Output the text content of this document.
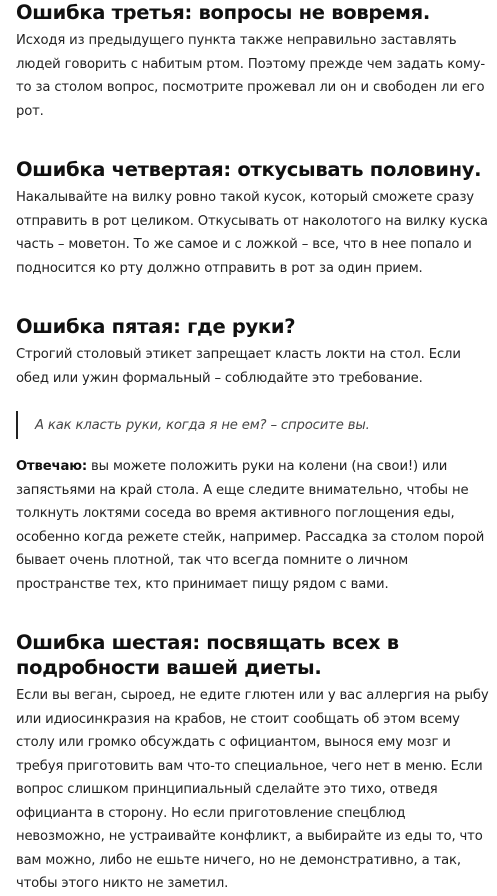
Ошибка третья: вопросы не вовремя.

Исходя из предыдущего пункта также неправильно заставлять людей говорить с набитым ртом. Поэтому прежде чем задать кому-то за столом вопрос, посмотрите прожевал ли он и свободен ли его рот.

Ошибка четвертая: откусывать половину.

Накалывайте на вилку ровно такой кусок, который сможете сразу отправить в рот целиком. Откусывать от наколотого на вилку куска часть – моветон. То же самое и с ложкой – все, что в нее попало и подносится ко рту должно отправить в рот за один прием.

Ошибка пятая: где руки?

Строгий столовый этикет запрещает класть локти на стол. Если обед или ужин формальный – соблюдайте это требование.

А как класть руки, когда я не ем? – спросите вы.

Отвечаю: вы можете положить руки на колени (на свои!) или запястьями на край стола. А еще следите внимательно, чтобы не толкнуть локтями соседа во время активного поглощения еды, особенно когда режете стейк, например. Рассадка за столом порой бывает очень плотной, так что всегда помните о личном пространстве тех, кто принимает пищу рядом с вами.

Ошибка шестая: посвящать всех в подробности вашей диеты.

Если вы веган, сыроед, не едите глютен или у вас аллергия на рыбу или идиосинкразия на крабов, не стоит сообщать об этом всему столу или громко обсуждать с официантом, вынося ему мозг и требуя приготовить вам что-то специальное, чего нет в меню. Если вопрос слишком принципиальный сделайте это тихо, отведя официанта в сторону. Но если приготовление спецблюд невозможно, не устраивайте конфликт, а выбирайте из еды то, что вам можно, либо не ешьте ничего, но не демонстративно, а так, чтобы этого никто не заметил.
